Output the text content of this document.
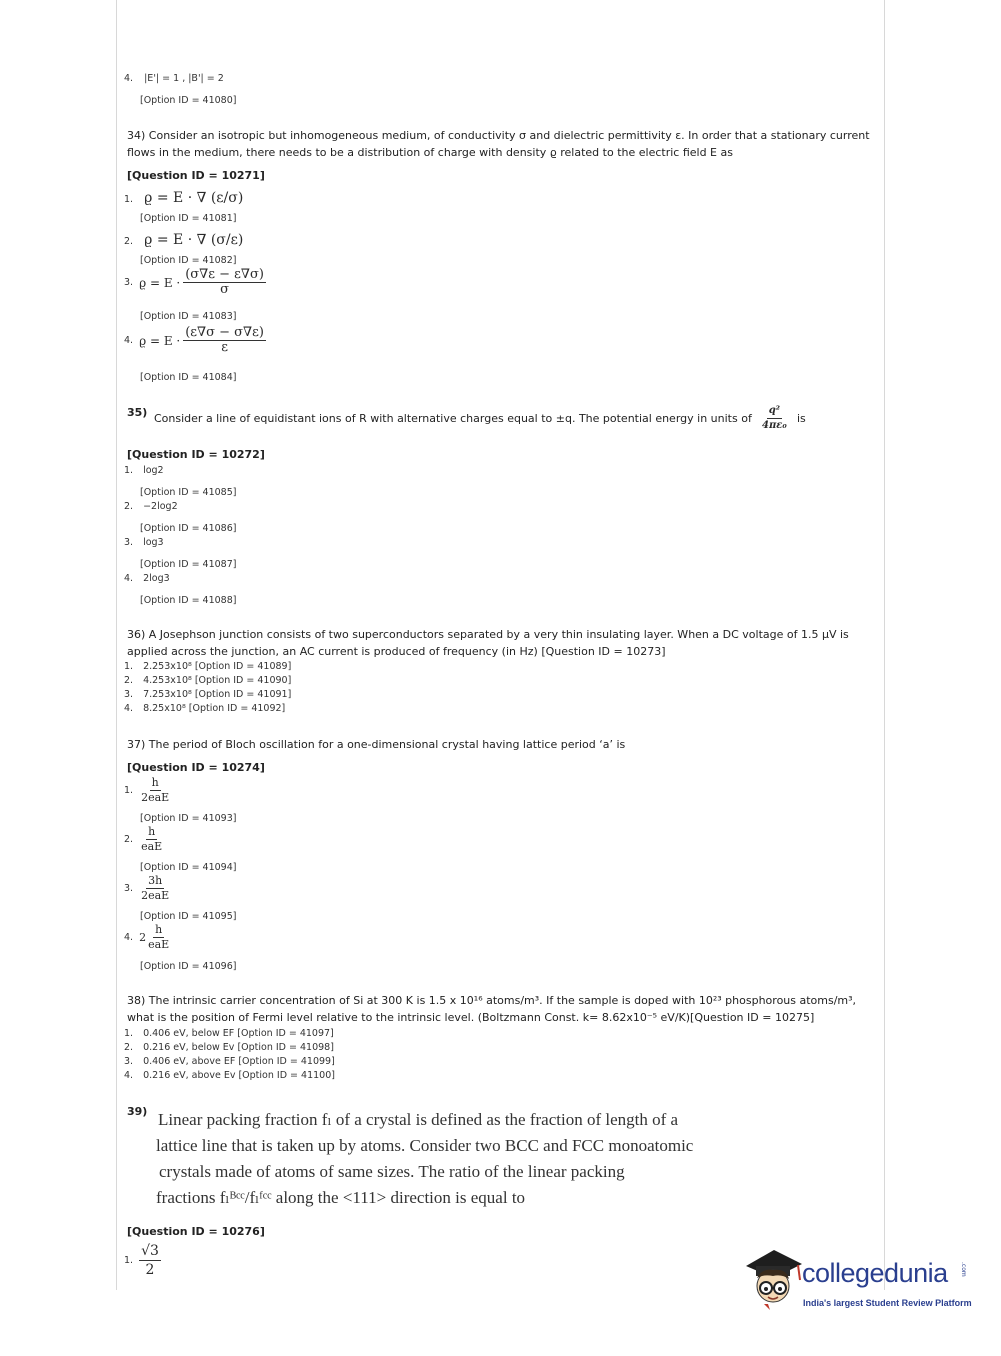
4. |E'| = 1 , |B'| = 2
[Option ID = 41080]
34) Consider an isotropic but inhomogeneous medium, of conductivity σ and dielectric permittivity ε. In order that a stationary current flows in the medium, there needs to be a distribution of charge with density ϱ related to the electric field E as
[Question ID = 10271]
1. ϱ = E · ∇ (ε/σ)
[Option ID = 41081]
2. ϱ = E · ∇ (σ/ε)
[Option ID = 41082]
3. $ϱ = E \cdot \frac{(\sigma\nabla\varepsilon - \varepsilon\nabla\sigma)}{\sigma}$
[Option ID = 41083]
4. $ϱ = E \cdot \frac{(\varepsilon\nabla\sigma - \sigma\nabla\varepsilon)}{\varepsilon}$
[Option ID = 41084]
35) Consider a line of equidistant ions of R with alternative charges equal to ±q. The potential energy in units of $\frac{\text{q²}}{\text{4πε₀}}$ is
[Question ID = 10272]
1. log2
[Option ID = 41085]
2. −2log2
[Option ID = 41086]
3. log3
[Option ID = 41087]
4. 2log3
[Option ID = 41088]
36) A Josephson junction consists of two superconductors separated by a very thin insulating layer. When a DC voltage of 1.5 μV is applied across the junction, an AC current is produced of frequency (in Hz) [Question ID = 10273]
1. 2.253x10⁸ [Option ID = 41089]
2. 4.253x10⁸ [Option ID = 41090]
3. 7.253x10⁸ [Option ID = 41091]
4. 8.25x10⁸ [Option ID = 41092]
37) The period of Bloch oscillation for a one-dimensional crystal having lattice period ‘a’ is
[Question ID = 10274]
1. $\frac{h}{\text{2eaE}}$
[Option ID = 41093]
2. $\frac{h}{\text{eaE}}$
[Option ID = 41094]
3. $\frac{3h}{\text{2eaE}}$
[Option ID = 41095]
4. $2 \frac{h}{\text{eaE}}$
[Option ID = 41096]
38) The intrinsic carrier concentration of Si at 300 K is 1.5 x 10¹⁶ atoms/m³. If the sample is doped with 10²³ phosphorous atoms/m³, what is the position of Fermi level relative to the intrinsic level. (Boltzmann Const. k= 8.62x10⁻⁵ eV/K)[Question ID = 10275]
1. 0.406 eV, below EF [Option ID = 41097]
2. 0.216 eV, below Ev [Option ID = 41098]
3. 0.406 eV, above EF [Option ID = 41099]
4. 0.216 eV, above Ev [Option ID = 41100]
39) Linear packing fraction fₗ of a crystal is defined as the fraction of length of a
lattice line that is taken up by atoms. Consider two BCC and FCC monoatomic
crystals made of atoms of same sizes. The ratio of the linear packing
fractions fₗᴮᶜᶜ/fₗᶠᶜᶜ along the <111> direction is equal to
[Question ID = 10276]
1. $\frac{√3}{2}$	collegedunia .com
India's largest Student Review Platform
